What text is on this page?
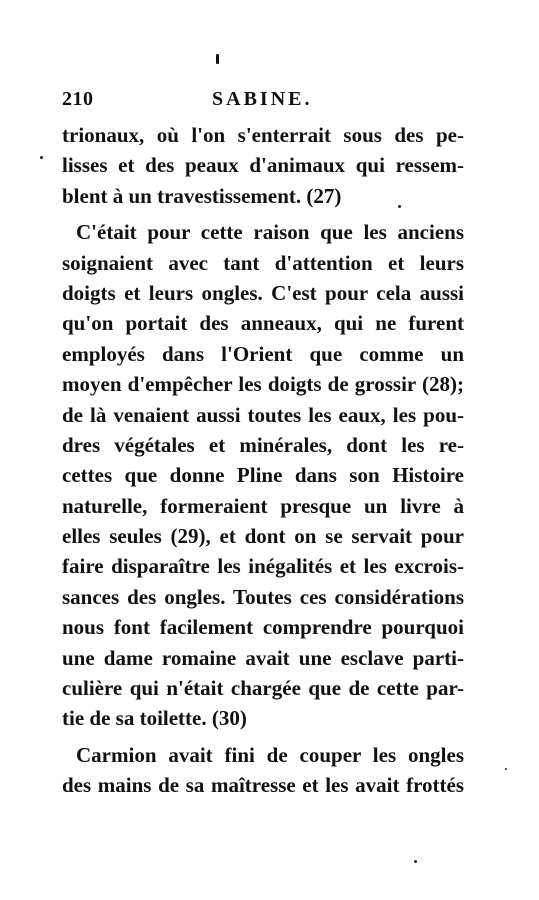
210	SABINE.
trionaux, où l'on s'enterrait sous des pe-
lisses et des peaux d'animaux qui ressem-
blent à un travestissement. (27)
C'était pour cette raison que les anciens
soignaient avec tant d'attention et leurs
doigts et leurs ongles. C'est pour cela aussi
qu'on portait des anneaux, qui ne furent
employés dans l'Orient que comme un
moyen d'empêcher les doigts de grossir (28);
de là venaient aussi toutes les eaux, les pou-
dres végétales et minérales, dont les re-
cettes que donne Pline dans son Histoire
naturelle, formeraient presque un livre à
elles seules (29), et dont on se servait pour
faire disparaître les inégalités et les excrois-
sances des ongles. Toutes ces considérations
nous font facilement comprendre pourquoi
une dame romaine avait une esclave parti-
culière qui n'était chargée que de cette par-
tie de sa toilette. (30)
Carmion avait fini de couper les ongles
des mains de sa maîtresse et les avait frottés
